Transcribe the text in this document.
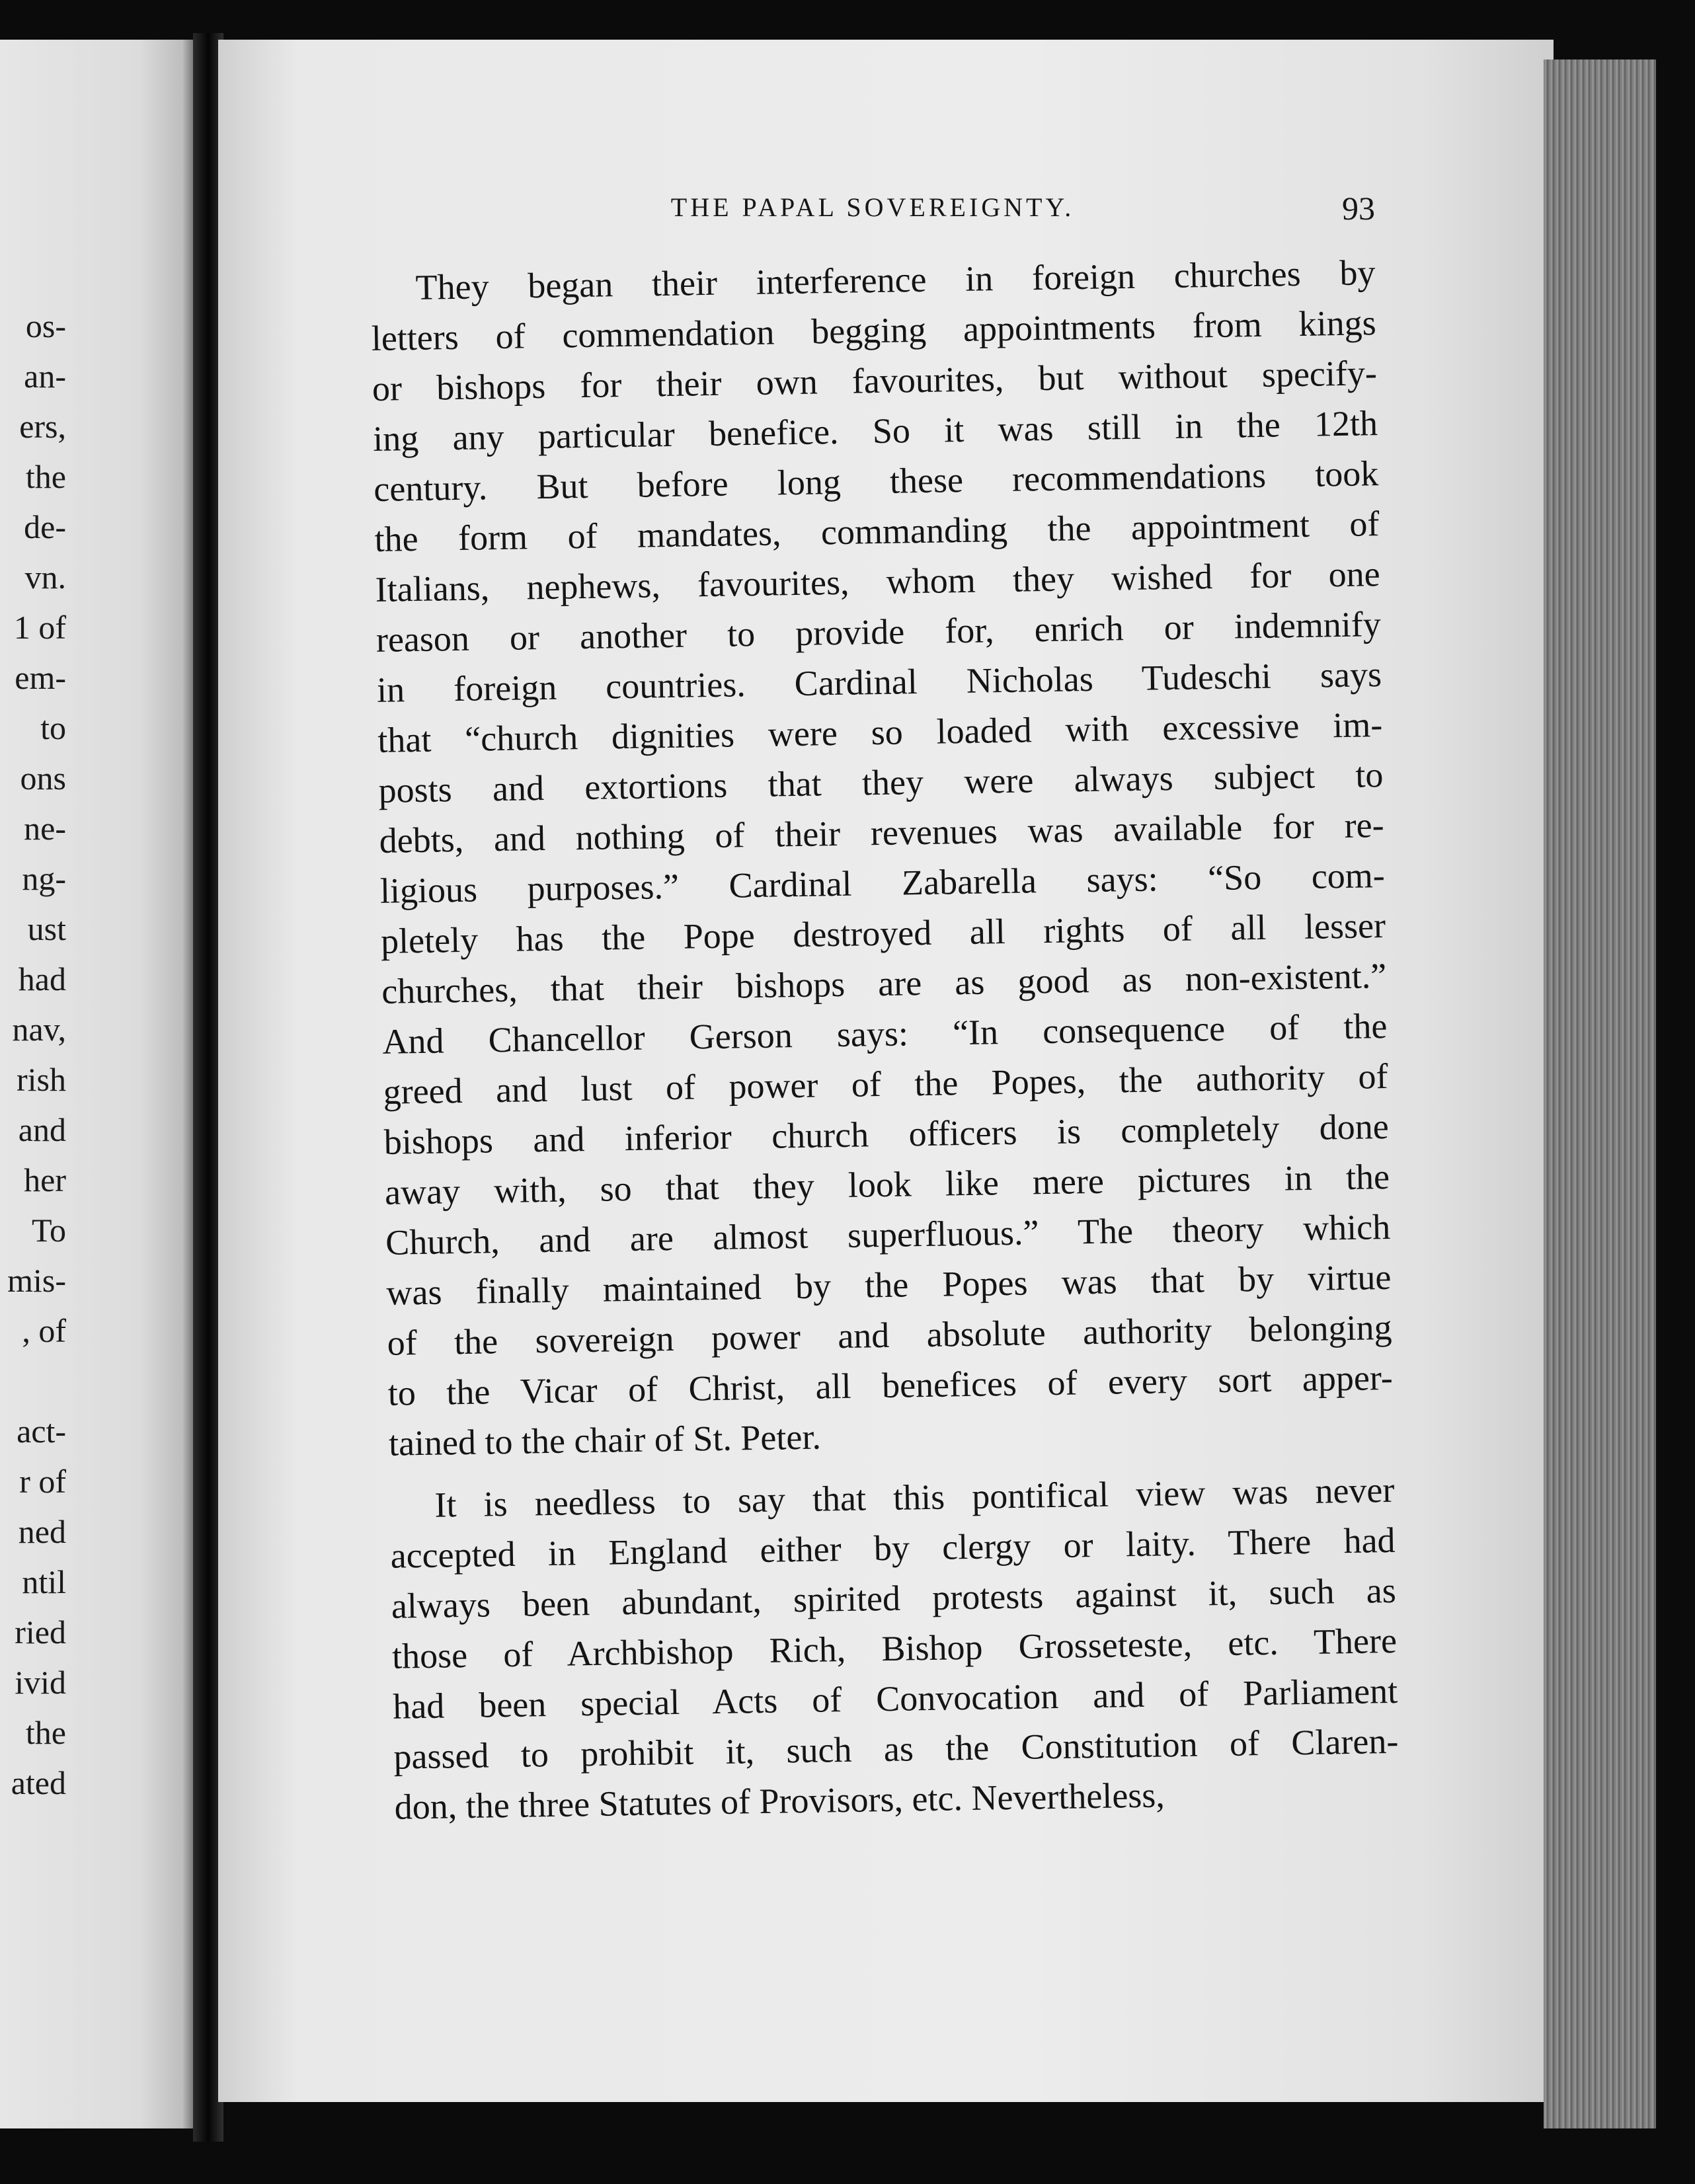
os-
an-
ers,
the
de-
vn.
1 of
em-
to
ons
ne-
ng-
ust
had
nav,
rish
and
her
To
mis-
, of

act-
r of
ned
ntil
ried
ivid
the
ated
THE PAPAL SOVEREIGNTY.	93
They began their interference in foreign churches by
letters of commendation begging appointments from kings
or bishops for their own favourites, but without specify-
ing any particular benefice. So it was still in the 12th
century. But before long these recommendations took
the form of mandates, commanding the appointment of
Italians, nephews, favourites, whom they wished for one
reason or another to provide for, enrich or indemnify
in foreign countries. Cardinal Nicholas Tudeschi says
that “church dignities were so loaded with excessive im-
posts and extortions that they were always subject to
debts, and nothing of their revenues was available for re-
ligious purposes.” Cardinal Zabarella says: “So com-
pletely has the Pope destroyed all rights of all lesser
churches, that their bishops are as good as non-existent.”
And Chancellor Gerson says: “In consequence of the
greed and lust of power of the Popes, the authority of
bishops and inferior church officers is completely done
away with, so that they look like mere pictures in the
Church, and are almost superfluous.” The theory which
was finally maintained by the Popes was that by virtue
of the sovereign power and absolute authority belonging
to the Vicar of Christ, all benefices of every sort apper-
tained to the chair of St. Peter.
It is needless to say that this pontifical view was never
accepted in England either by clergy or laity. There had
always been abundant, spirited protests against it, such as
those of Archbishop Rich, Bishop Grosseteste, etc. There
had been special Acts of Convocation and of Parliament
passed to prohibit it, such as the Constitution of Claren-
don, the three Statutes of Provisors, etc. Nevertheless,
